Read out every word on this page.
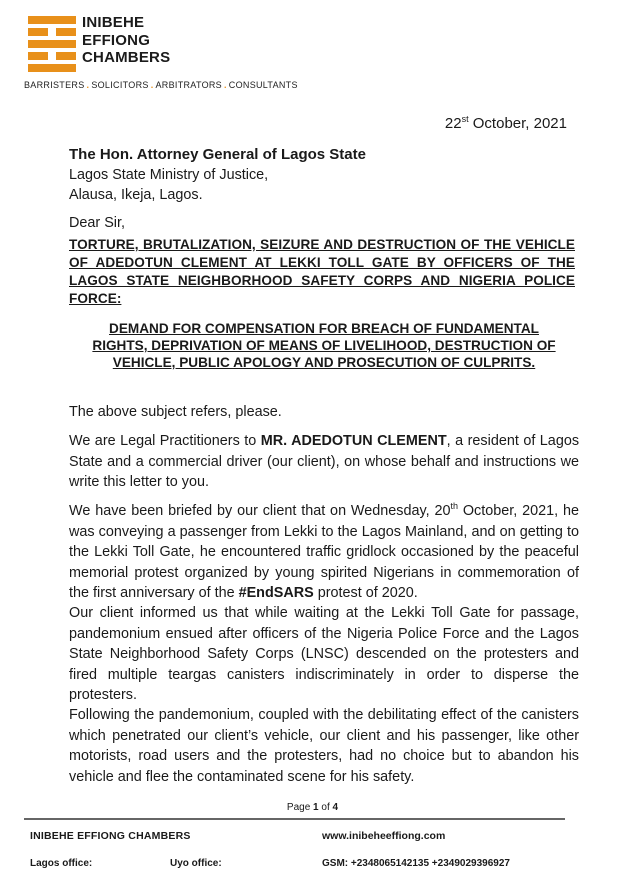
INIBEHE
EFFIONG
CHAMBERS
BARRISTERS . SOLICITORS . ARBITRATORS . CONSULTANTS
22st October, 2021
The Hon. Attorney General of Lagos State
Lagos State Ministry of Justice,
Alausa, Ikeja, Lagos.
Dear Sir,
TORTURE, BRUTALIZATION, SEIZURE AND DESTRUCTION OF THE VEHICLE OF ADEDOTUN CLEMENT AT LEKKI TOLL GATE BY OFFICERS OF THE LAGOS STATE NEIGHBORHOOD SAFETY CORPS AND NIGERIA POLICE FORCE:
DEMAND FOR COMPENSATION FOR BREACH OF FUNDAMENTAL RIGHTS, DEPRIVATION OF MEANS OF LIVELIHOOD, DESTRUCTION OF VEHICLE, PUBLIC APOLOGY AND PROSECUTION OF CULPRITS.

The above subject refers, please.

We are Legal Practitioners to MR. ADEDOTUN CLEMENT, a resident of Lagos State and a commercial driver (our client), on whose behalf and instructions we write this letter to you.

We have been briefed by our client that on Wednesday, 20th October, 2021, he was conveying a passenger from Lekki to the Lagos Mainland, and on getting to the Lekki Toll Gate, he encountered traffic gridlock occasioned by the peaceful memorial protest organized by young spirited Nigerians in commemoration of the first anniversary of the #EndSARS protest of 2020.

Our client informed us that while waiting at the Lekki Toll Gate for passage, pandemonium ensued after officers of the Nigeria Police Force and the Lagos State Neighborhood Safety Corps (LNSC) descended on the protesters and fired multiple teargas canisters indiscriminately in order to disperse the protesters.

Following the pandemonium, coupled with the debilitating effect of the canisters which penetrated our client’s vehicle, our client and his passenger, like other motorists, road users and the protesters, had no choice but to abandon his vehicle and flee the contaminated scene for his safety.

Page 1 of 4
INIBEHE EFFIONG CHAMBERS	www.inibeheeffiong.com
Lagos office:	Uyo office:	GSM: +2348065142135 +2349029396927
